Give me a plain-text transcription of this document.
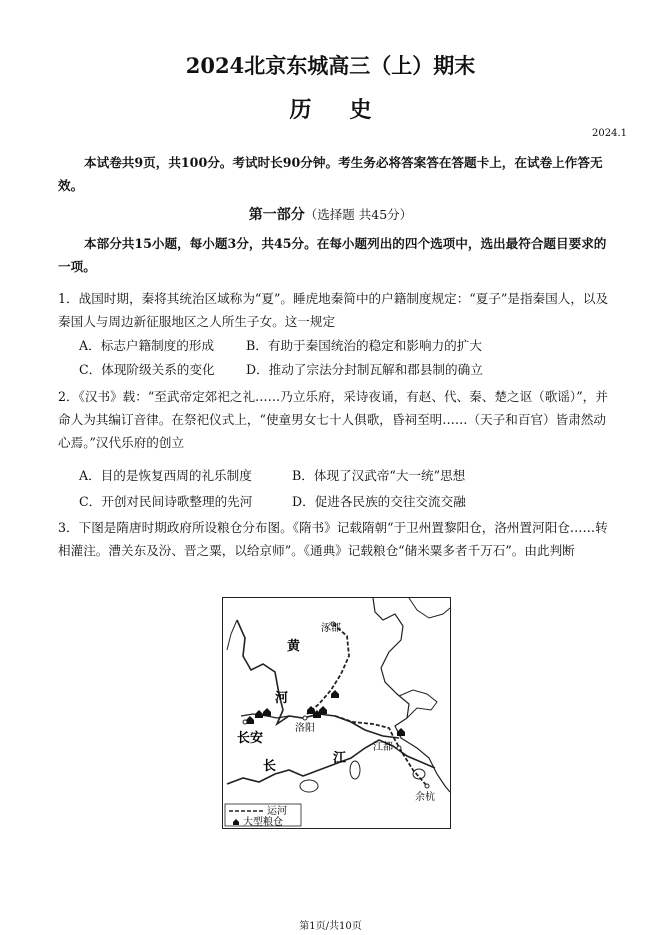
2024北京东城高三（上）期末
历 史
2024.1
本试卷共9页，共100分。考试时长90分钟。考生务必将答案答在答题卡上，在试卷上作答无效。
第一部分（选择题 共45分）
本部分共15小题，每小题3分，共45分。在每小题列出的四个选项中，选出最符合题目要求的一项。
1．战国时期，秦将其统治区域称为“夏”。睡虎地秦简中的户籍制度规定：“夏子”是指秦国人，以及秦国人与周边新征服地区之人所生子女。这一规定
A．标志户籍制度的形成	B．有助于秦国统治的稳定和影响力的扩大
C．体现阶级关系的变化 D．推动了宗法分封制瓦解和郡县制的确立
2．《汉书》载：“至武帝定郊祀之礼……乃立乐府，采诗夜诵，有赵、代、秦、楚之讴（歌谣）”，并命人为其编订音律。在祭祀仪式上，“使童男女七十人俱歌，昏祠至明……（天子和百官）皆肃然动心焉。”汉代乐府的创立
A．目的是恢复西周的礼乐制度	B．体现了汉武帝“大一统”思想
C．开创对民间诗歌整理的先河	D．促进各民族的交往交流交融
3．下图是隋唐时期政府所设粮仓分布图。《隋书》记载隋朝“于卫州置黎阳仓，洛州置河阳仓……转相灌注。漕关东及汾、晋之粟，以给京师”。《通典》记载粮仓“储米粟多者千万石”。由此判断
涿郡
黄
河
长安
洛阳
江都
余杭
长
江
运河
大型粮仓
第1页/共10页
